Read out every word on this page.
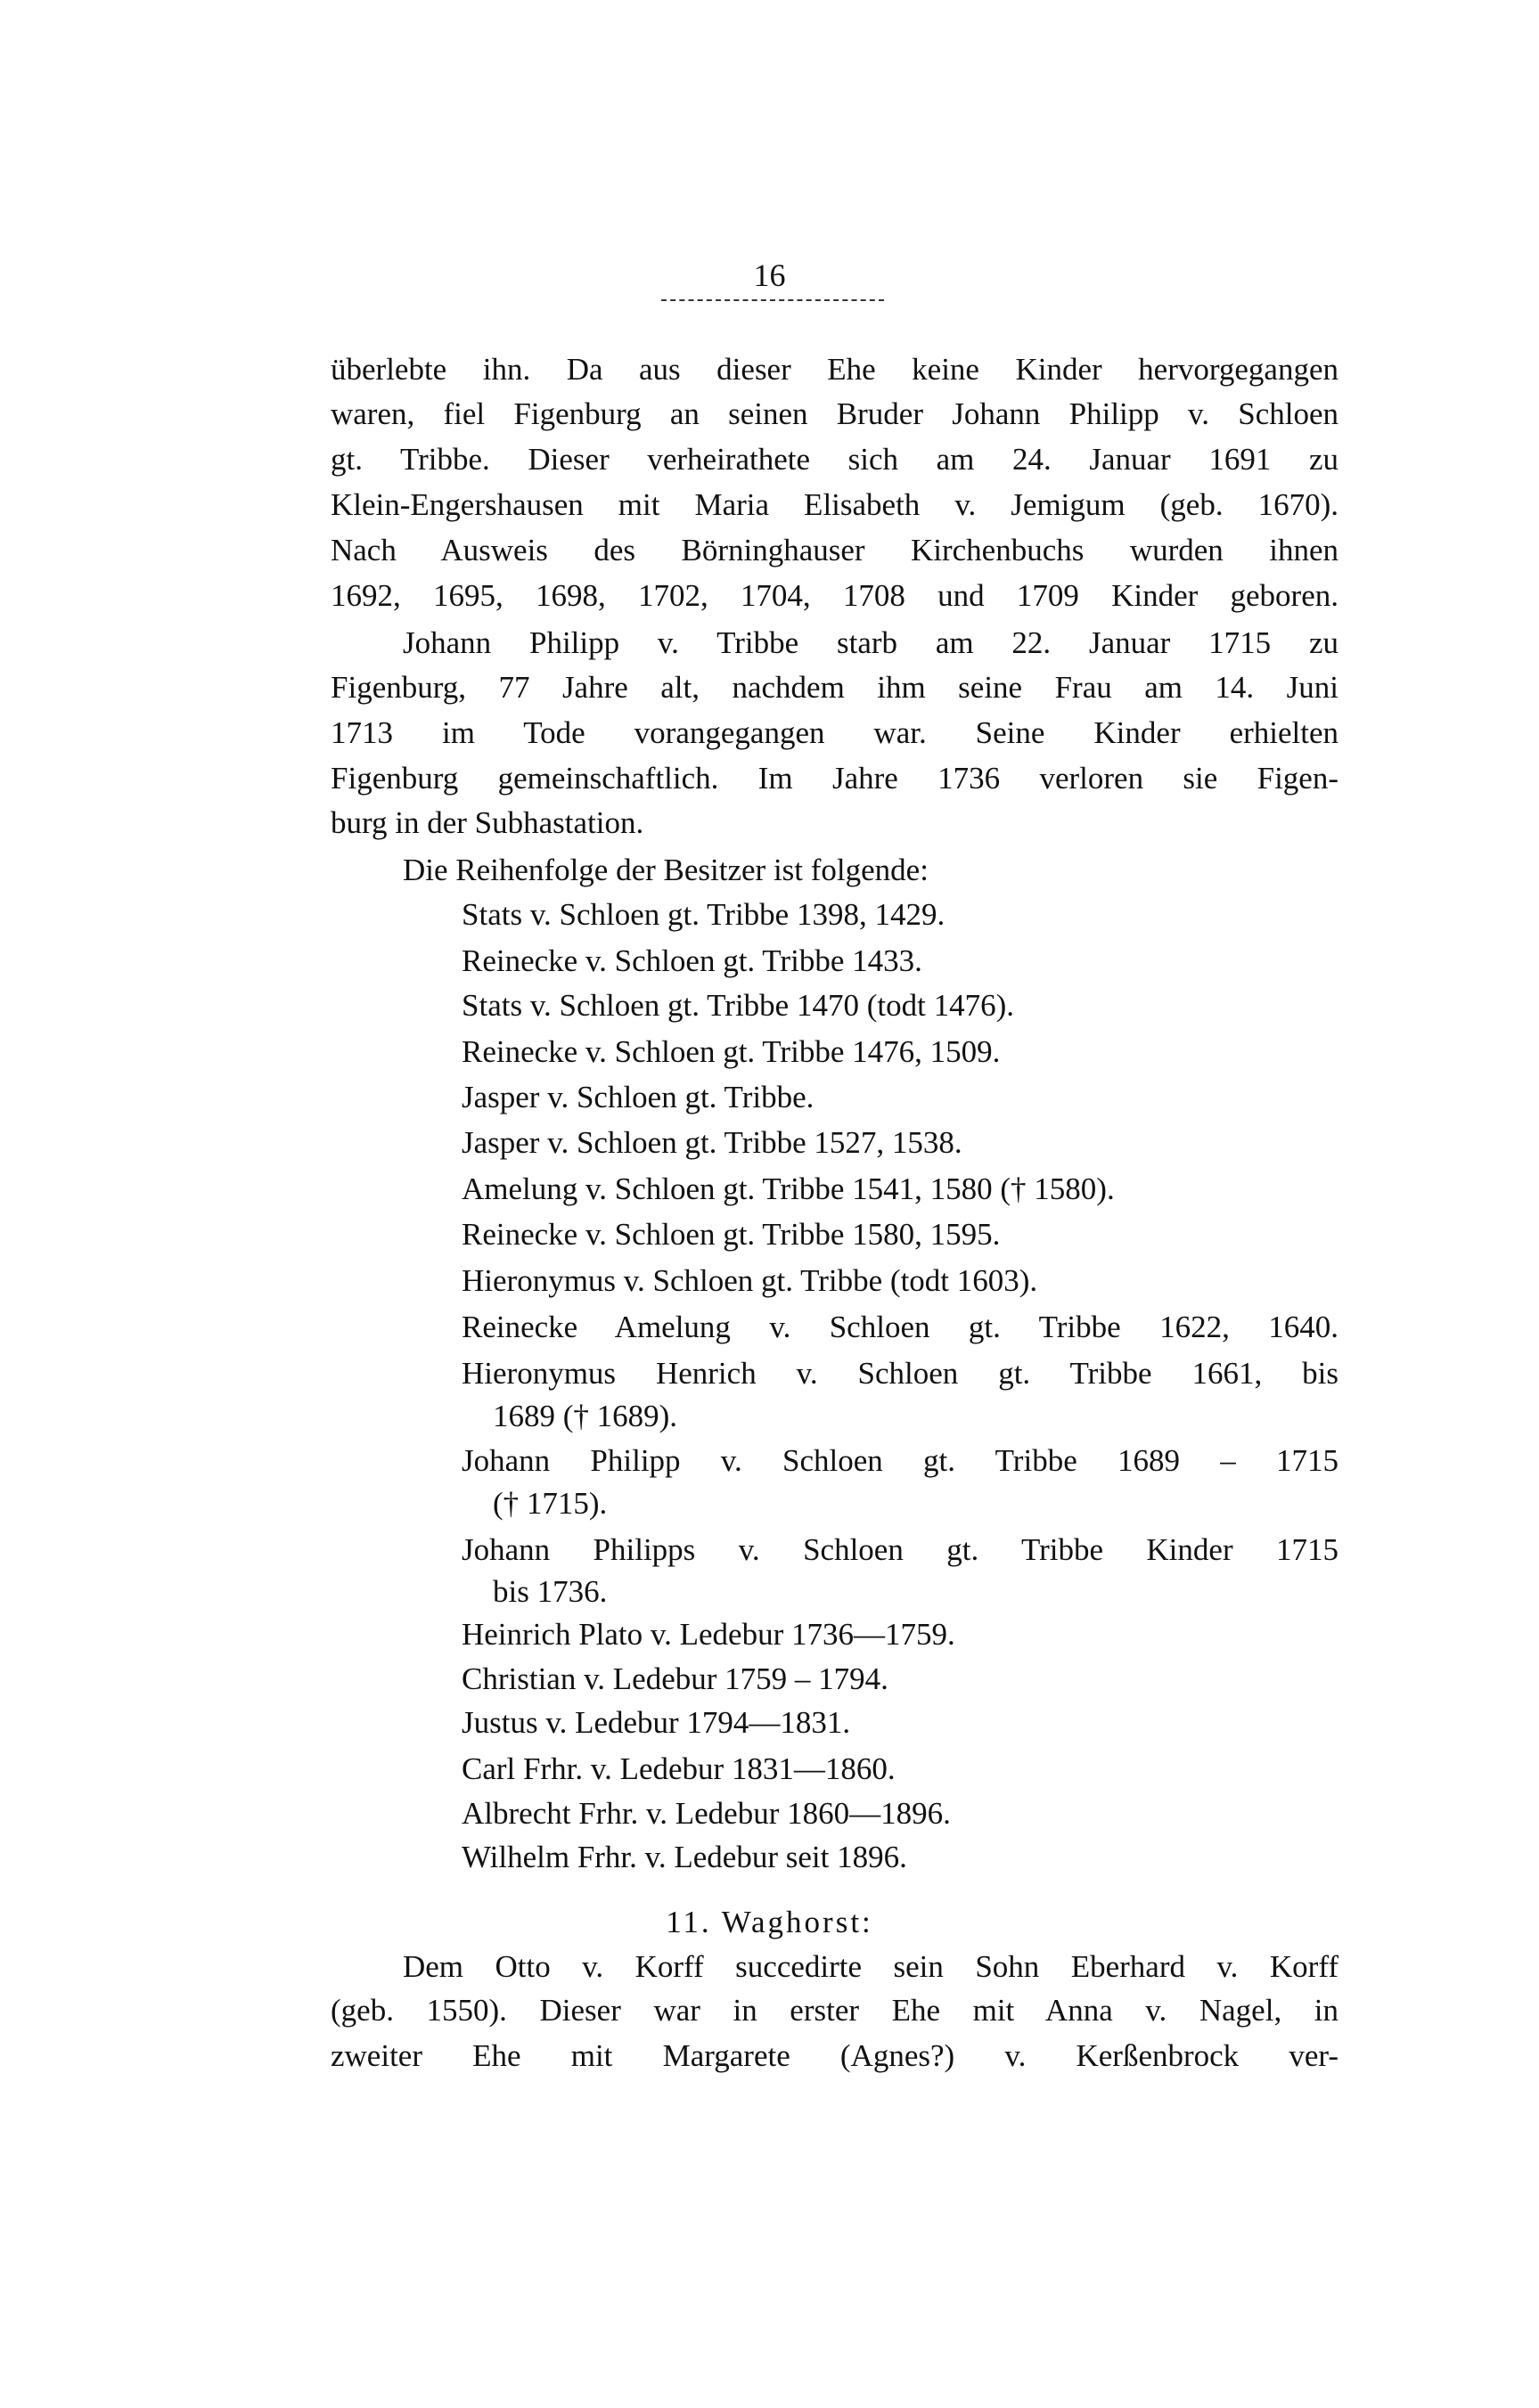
16
überlebte ihn. Da aus dieser Ehe keine Kinder hervorgegangen
waren, fiel Figenburg an seinen Bruder Johann Philipp v. Schloen
gt. Tribbe. Dieser verheirathete sich am 24. Januar 1691 zu
Klein-Engershausen mit Maria Elisabeth v. Jemigum (geb. 1670).
Nach Ausweis des Börninghauser Kirchenbuchs wurden ihnen
1692, 1695, 1698, 1702, 1704, 1708 und 1709 Kinder geboren.
Johann Philipp v. Tribbe starb am 22. Januar 1715 zu
Figenburg, 77 Jahre alt, nachdem ihm seine Frau am 14. Juni
1713 im Tode vorangegangen war. Seine Kinder erhielten
Figenburg gemeinschaftlich. Im Jahre 1736 verloren sie Figen-
burg in der Subhastation.
Die Reihenfolge der Besitzer ist folgende:
Stats v. Schloen gt. Tribbe 1398, 1429.
Reinecke v. Schloen gt. Tribbe 1433.
Stats v. Schloen gt. Tribbe 1470 (todt 1476).
Reinecke v. Schloen gt. Tribbe 1476, 1509.
Jasper v. Schloen gt. Tribbe.
Jasper v. Schloen gt. Tribbe 1527, 1538.
Amelung v. Schloen gt. Tribbe 1541, 1580 († 1580).
Reinecke v. Schloen gt. Tribbe 1580, 1595.
Hieronymus v. Schloen gt. Tribbe (todt 1603).
Reinecke Amelung v. Schloen gt. Tribbe 1622, 1640.
Hieronymus Henrich v. Schloen gt. Tribbe 1661, bis
1689 († 1689).
Johann Philipp v. Schloen gt. Tribbe 1689 – 1715
(† 1715).
Johann Philipps v. Schloen gt. Tribbe Kinder 1715
bis 1736.
Heinrich Plato v. Ledebur 1736—1759.
Christian v. Ledebur 1759 – 1794.
Justus v. Ledebur 1794—1831.
Carl Frhr. v. Ledebur 1831—1860.
Albrecht Frhr. v. Ledebur 1860—1896.
Wilhelm Frhr. v. Ledebur seit 1896.
11. Waghorst:
Dem Otto v. Korff succedirte sein Sohn Eberhard v. Korff
(geb. 1550). Dieser war in erster Ehe mit Anna v. Nagel, in
zweiter Ehe mit Margarete (Agnes?) v. Kerßenbrock ver-
